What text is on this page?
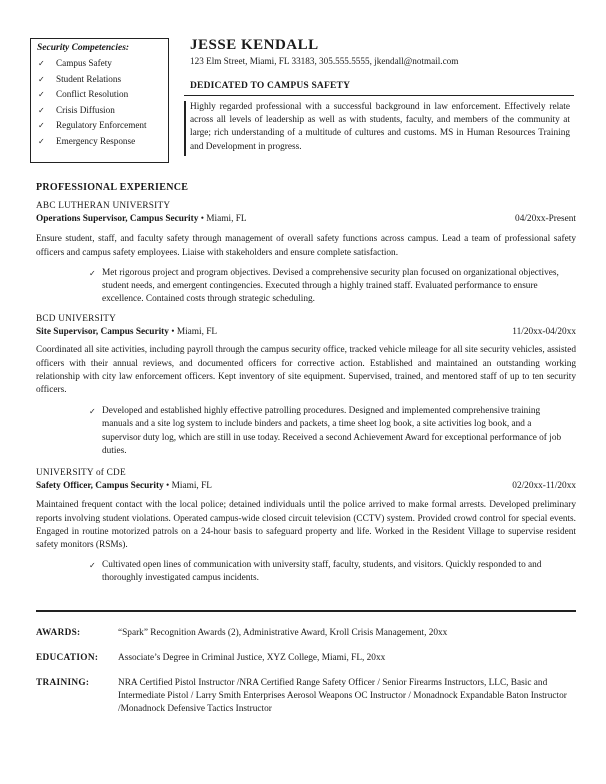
Security Competencies:
✓ Campus Safety
✓ Student Relations
✓ Conflict Resolution
✓ Crisis Diffusion
✓ Regulatory Enforcement
✓ Emergency Response
JESSE KENDALL
123 Elm Street, Miami, FL 33183, 305.555.5555, jkendall@notmail.com
DEDICATED TO CAMPUS SAFETY
Highly regarded professional with a successful background in law enforcement. Effectively relate across all levels of leadership as well as with students, faculty, and members of the community at large; rich understanding of a multitude of cultures and customs. MS in Human Resources Training and Development in progress.
PROFESSIONAL EXPERIENCE
ABC LUTHERAN UNIVERSITY
Operations Supervisor, Campus Security • Miami, FL	04/20xx-Present
Ensure student, staff, and faculty safety through management of overall safety functions across campus. Lead a team of professional safety officers and campus safety employees. Liaise with stakeholders and ensure complete satisfaction.
✓ Met rigorous project and program objectives. Devised a comprehensive security plan focused on organizational objectives, student needs, and emergent contingencies. Executed through a highly trained staff. Evaluated performance to ensure excellence. Contained costs through strategic scheduling.
BCD UNIVERSITY
Site Supervisor, Campus Security • Miami, FL	11/20xx-04/20xx
Coordinated all site activities, including payroll through the campus security office, tracked vehicle mileage for all site security vehicles, assisted officers with their annual reviews, and documented officers for corrective action. Established and maintained an outstanding working relationship with city law enforcement officers. Kept inventory of site equipment. Supervised, trained, and mentored staff of up to ten security officers.
✓ Developed and established highly effective patrolling procedures. Designed and implemented comprehensive training manuals and a site log system to include binders and packets, a time sheet log book, a site activities log book, and a supervisor duty log, which are still in use today. Received a second Achievement Award for exceptional performance of job duties.
UNIVERSITY of CDE
Safety Officer, Campus Security • Miami, FL	02/20xx-11/20xx
Maintained frequent contact with the local police; detained individuals until the police arrived to make formal arrests. Developed preliminary reports involving student violations. Operated campus-wide closed circuit television (CCTV) system. Provided crowd control for special events. Engaged in routine motorized patrols on a 24-hour basis to safeguard property and life. Worked in the Resident Village to supervise resident safety monitors (RSMs).
✓ Cultivated open lines of communication with university staff, faculty, students, and visitors. Quickly responded to and thoroughly investigated campus incidents.
AWARDS:	“Spark” Recognition Awards (2), Administrative Award, Kroll Crisis Management, 20xx
EDUCATION:	Associate’s Degree in Criminal Justice, XYZ College, Miami, FL, 20xx
TRAINING:	NRA Certified Pistol Instructor /NRA Certified Range Safety Officer / Senior Firearms Instructors, LLC, Basic and Intermediate Pistol / Larry Smith Enterprises Aerosol Weapons OC Instructor / Monadnock Expandable Baton Instructor /Monadnock Defensive Tactics Instructor
